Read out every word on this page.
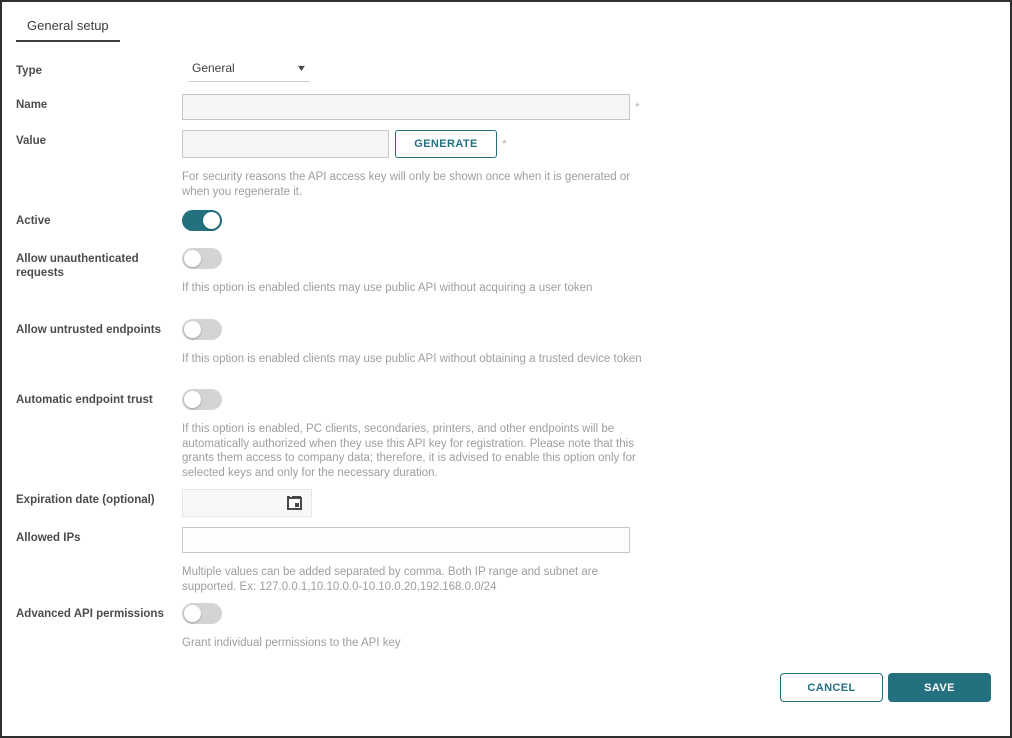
General setup
Type	General	▼
Name	*
Value	GENERATE	*
For security reasons the API access key will only be shown once when it is generated or when you regenerate it.
Active
Allow unauthenticated requests
If this option is enabled clients may use public API without acquiring a user token
Allow untrusted endpoints
If this option is enabled clients may use public API without obtaining a trusted device token
Automatic endpoint trust
If this option is enabled, PC clients, secondaries, printers, and other endpoints will be automatically authorized when they use this API key for registration. Please note that this grants them access to company data; therefore, it is advised to enable this option only for selected keys and only for the necessary duration.
Expiration date (optional)
Allowed IPs
Multiple values can be added separated by comma. Both IP range and subnet are supported. Ex: 127.0.0.1,10.10.0.0-10.10.0.20,192.168.0.0/24
Advanced API permissions
Grant individual permissions to the API key
CANCEL	SAVE
